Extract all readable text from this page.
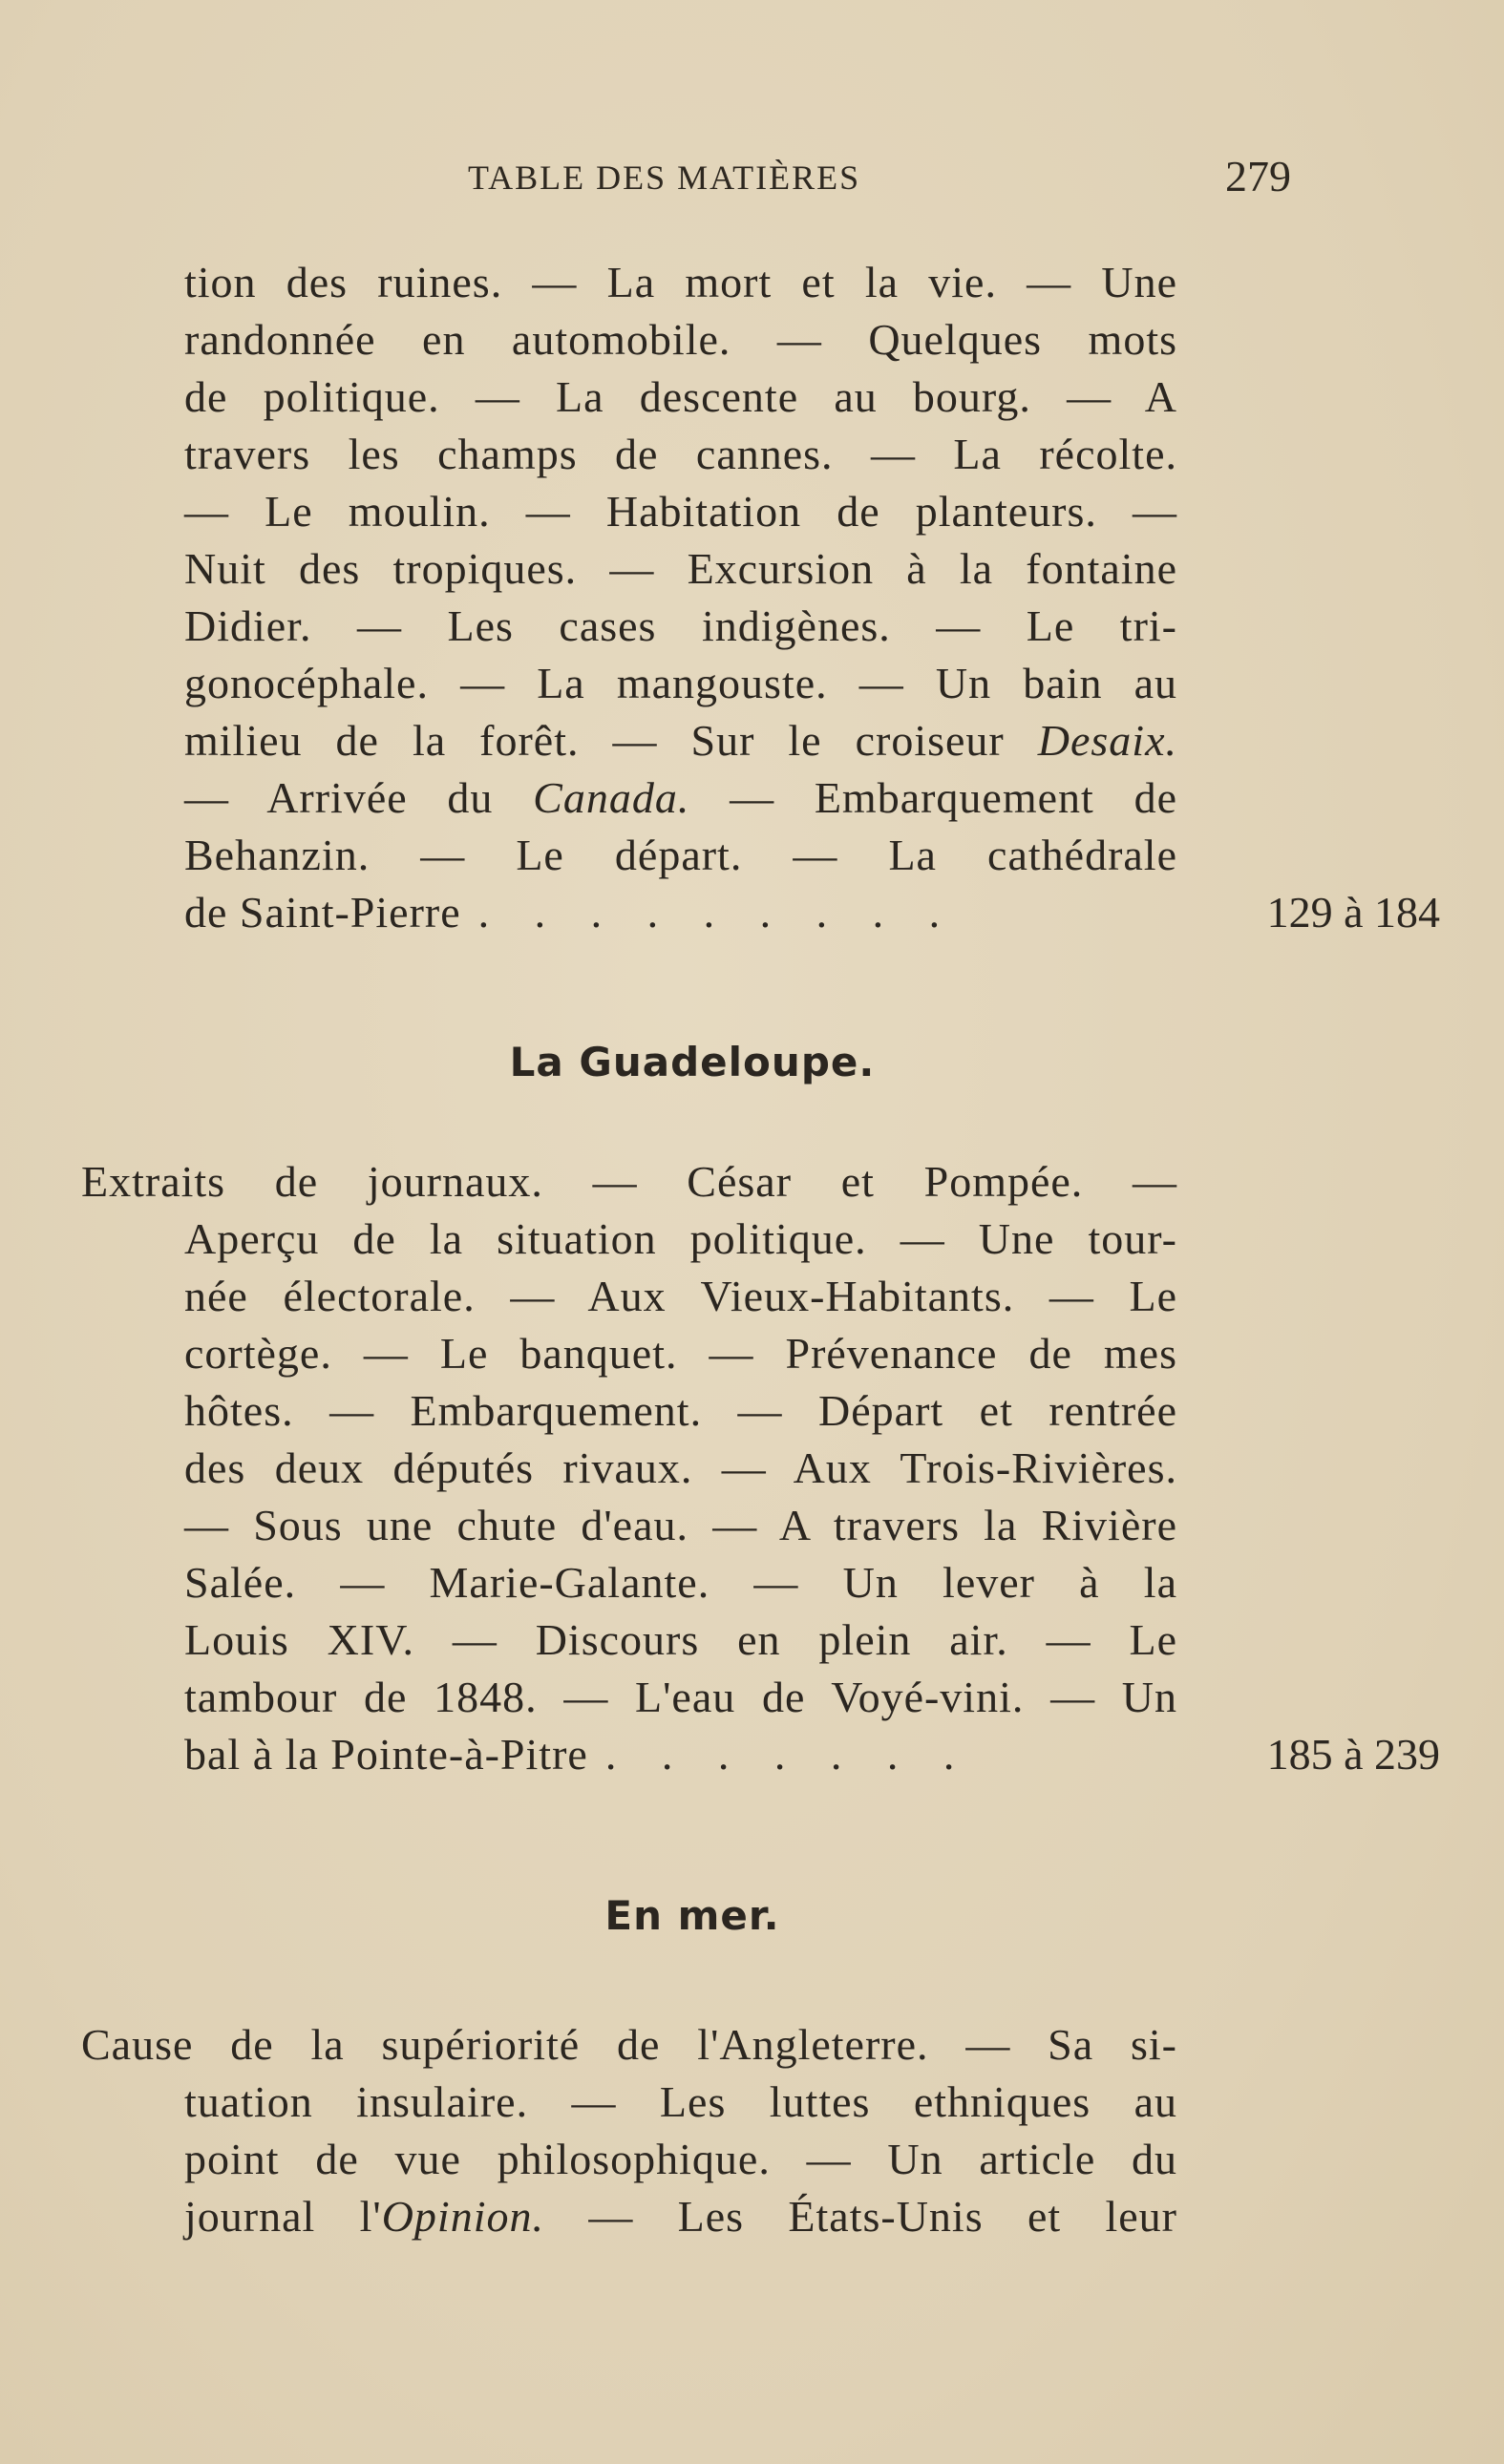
TABLE DES MATIÈRES	279
tion des ruines. — La mort et la vie. — Une
randonnée en automobile. — Quelques mots
de politique. — La descente au bourg. — A
travers les champs de cannes. — La récolte.
— Le moulin. — Habitation de planteurs. —
Nuit des tropiques. — Excursion à la fontaine
Didier. — Les cases indigènes. — Le tri-
gonocéphale. — La mangouste. — Un bain au
milieu de la forêt. — Sur le croiseur Desaix.
— Arrivée du Canada. — Embarquement de
Behanzin. — Le départ. — La cathédrale
de Saint-Pierre . . . . . . . . .	129 à 184
La Guadeloupe.
Extraits de journaux. — César et Pompée. —
Aperçu de la situation politique. — Une tour-
née électorale. — Aux Vieux-Habitants. — Le
cortège. — Le banquet. — Prévenance de mes
hôtes. — Embarquement. — Départ et rentrée
des deux députés rivaux. — Aux Trois-Rivières.
— Sous une chute d'eau. — A travers la Rivière
Salée. — Marie-Galante. — Un lever à la
Louis XIV. — Discours en plein air. — Le
tambour de 1848. — L'eau de Voyé-vini. — Un
bal à la Pointe-à-Pitre . . . . . . .	185 à 239
En mer.
Cause de la supériorité de l'Angleterre. — Sa si-
tuation insulaire. — Les luttes ethniques au
point de vue philosophique. — Un article du
journal l'Opinion. — Les États-Unis et leur
